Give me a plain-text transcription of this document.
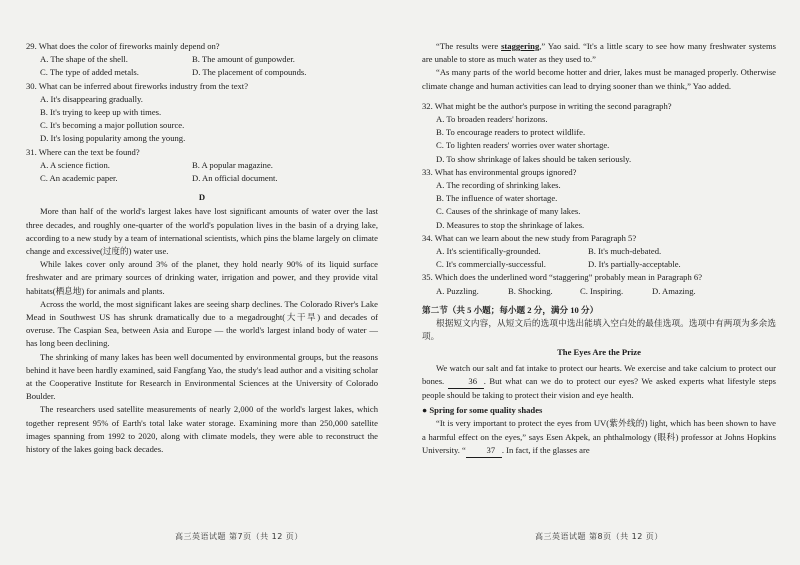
29. What does the color of fireworks mainly depend on?

A. The shape of the shell.	B. The amount of gunpowder.
C. The type of added metals.	D. The placement of compounds.

30. What can be inferred about fireworks industry from the text?

A. It's disappearing gradually.

B. It's trying to keep up with times.

C. It's becoming a major pollution source.

D. It's losing popularity among the young.

31. Where can the text be found?

A. A science fiction.	B. A popular magazine.
C. An academic paper.	D. An official document.
D

More than half of the world's largest lakes have lost significant amounts of water over the last three decades, and roughly one-quarter of the world's population lives in the basin of a drying lake, according to a new study by a team of international scientists, which pins the blame largely on climate change and excessive(过度的) water use.

While lakes cover only around 3% of the planet, they hold nearly 90% of its liquid surface freshwater and are primary sources of drinking water, irrigation and power, and they provide vital habitats(栖息地) for animals and plants.

Across the world, the most significant lakes are seeing sharp declines. The Colorado River's Lake Mead in Southwest US has shrunk dramatically due to a megadrought(大干旱) and decades of overuse. The Caspian Sea, between Asia and Europe — the world's largest inland body of water — has long been declining.

The shrinking of many lakes has been well documented by environmental groups, but the reasons behind it have been hardly examined, said Fangfang Yao, the study's lead author and a visiting scholar at the Cooperative Institute for Research in Environmental Sciences at the University of Colorado Boulder.

The researchers used satellite measurements of nearly 2,000 of the world's largest lakes, which together represent 95% of Earth's total lake water storage. Examining more than 250,000 satellite images spanning from 1992 to 2020, along with climate models, they were able to reconstruct the history of the lakes going back decades.

高三英语试题 第7页（共 12 页）

“The results were staggering,” Yao said. “It's a little scary to see how many freshwater systems are unable to store as much water as they used to.”

“As many parts of the world become hotter and drier, lakes must be managed properly. Otherwise climate change and human activities can lead to drying sooner than we think,” Yao added.

32. What might be the author's purpose in writing the second paragraph?

A. To broaden readers' horizons.

B. To encourage readers to protect wildlife.

C. To lighten readers' worries over water shortage.

D. To show shrinkage of lakes should be taken seriously.

33. What has environmental groups ignored?

A. The recording of shrinking lakes.

B. The influence of water shortage.

C. Causes of the shrinkage of many lakes.

D. Measures to stop the shrinkage of lakes.

34. What can we learn about the new study from Paragraph 5?

A. It's scientifically-grounded.	B. It's much-debated.
C. It's commercially-successful.	D. It's partially-acceptable.

35. Which does the underlined word “staggering” probably mean in Paragraph 6?

A. Puzzling.	B. Shocking.	C. Inspiring.	D. Amazing.

第二节（共 5 小题；每小题 2 分，满分 10 分）

根据短文内容，从短文后的选项中选出能填入空白处的最佳选项。选项中有两项为多余选项。

The Eyes Are the Prize

We watch our salt and fat intake to protect our hearts. We exercise and take calcium to protect our bones. 36 . But what can we do to protect our eyes? We asked experts what lifestyle steps people should be taking to protect their vision and eye health.

● Spring for some quality shades

“It is very important to protect the eyes from UV(紫外线的) light, which has been shown to have a harmful effect on the eyes,” says Esen Akpek, an phthalmology (眼科) professor at Johns Hopkins University. “ 37 . In fact, if the glasses are

高三英语试题 第8页（共 12 页）
